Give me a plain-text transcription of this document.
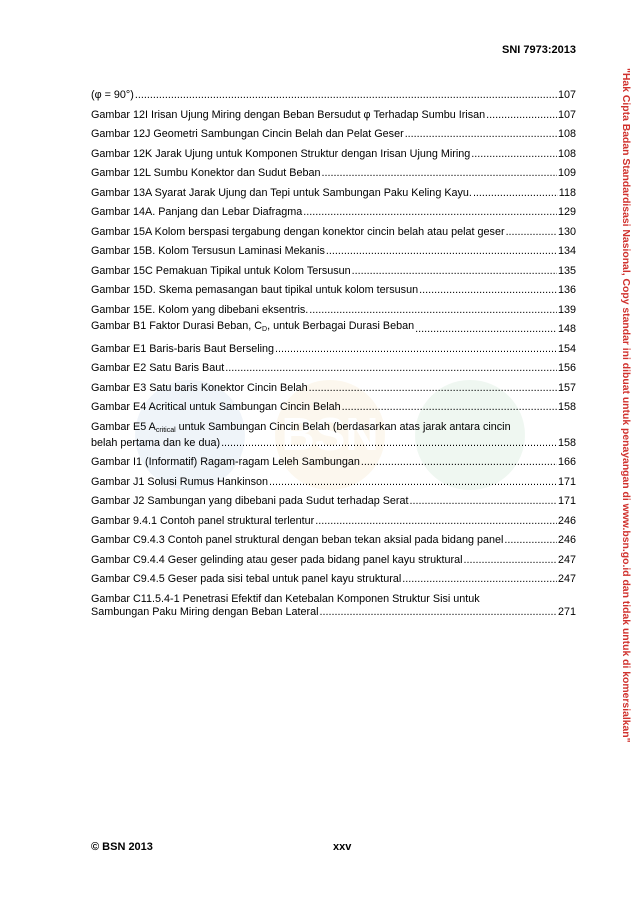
SNI 7973:2013
"Hak Cipta Badan Standardisasi Nasional, Copy standar ini dibuat untuk penayangan di www.bsn.go.id dan tidak untuk di komersialkan"
BSN
(φ = 90°) .....	107
Gambar 12I Irisan Ujung Miring dengan Beban Bersudut φ Terhadap Sumbu Irisan .....	107
Gambar 12J Geometri Sambungan Cincin Belah dan Pelat Geser .....	108
Gambar 12K Jarak Ujung untuk Komponen Struktur dengan Irisan Ujung Miring .....	108
Gambar 12L Sumbu Konektor dan Sudut Beban .....	109
Gambar 13A Syarat Jarak Ujung dan Tepi untuk Sambungan Paku Keling Kayu. .....	118
Gambar 14A. Panjang dan Lebar Diafragma .....	129
Gambar 15A Kolom berspasi tergabung dengan konektor cincin belah atau pelat geser .....	130
Gambar 15B. Kolom Tersusun Laminasi Mekanis .....	134
Gambar 15C Pemakuan Tipikal untuk Kolom Tersusun .....	135
Gambar 15D. Skema pemasangan baut tipikal untuk kolom tersusun .....	136
Gambar 15E. Kolom yang dibebani eksentris. .....	139
Gambar B1 Faktor Durasi Beban, $C_D$, untuk Berbagai Durasi Beban .....	148
Gambar E1 Baris-baris Baut Berseling .....	154
Gambar E2 Satu Baris Baut .....	156
Gambar E3 Satu baris Konektor Cincin Belah .....	157
Gambar E4 Acritical untuk Sambungan Cincin Belah .....	158
Gambar E5 $A_{critical}$ untuk Sambungan Cincin Belah (berdasarkan atas jarak antara cincin
belah pertama dan ke dua) .....	158
Gambar I1 (Informatif) Ragam-ragam Leleh Sambungan .....	166
Gambar J1 Solusi Rumus Hankinson .....	171
Gambar J2 Sambungan yang dibebani pada Sudut terhadap Serat .....	171
Gambar 9.4.1 Contoh panel struktural terlentur .....	246
Gambar C9.4.3 Contoh panel struktural dengan beban tekan aksial pada bidang panel .....	246
Gambar C9.4.4 Geser gelinding atau geser pada bidang panel kayu struktural .....	247
Gambar C9.4.5 Geser pada sisi tebal untuk panel kayu struktural .....	247
Gambar C11.5.4-1 Penetrasi Efektif dan Ketebalan Komponen Struktur Sisi untuk
Sambungan Paku Miring dengan Beban Lateral .....	271
© BSN 2013	xxv
